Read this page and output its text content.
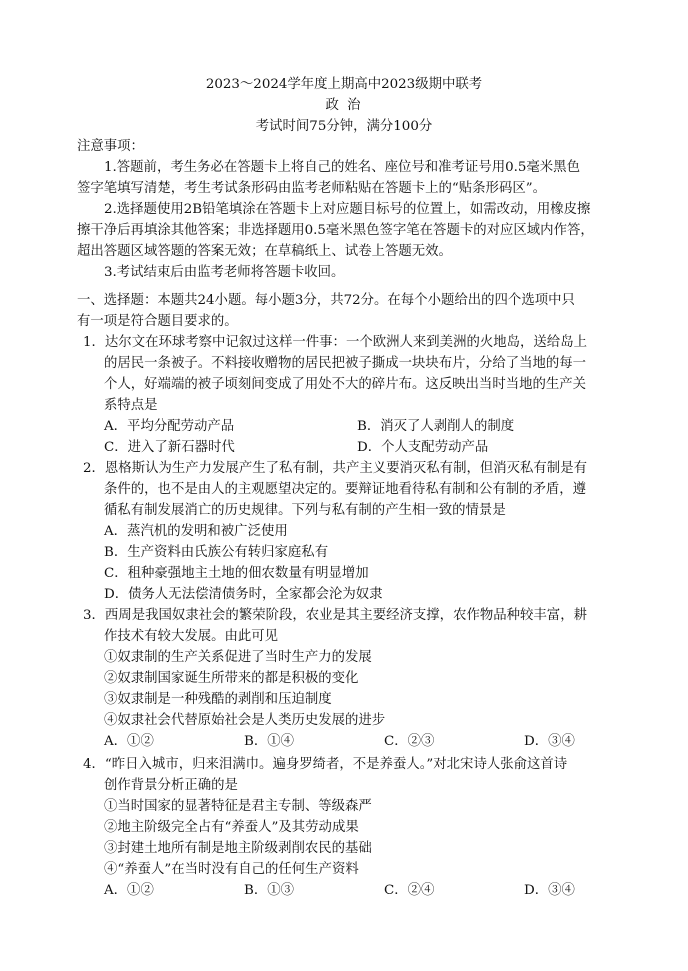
2023～2024学年度上期高中2023级期中联考
政 治
考试时间75分钟，满分100分
注意事项：
1.答题前，考生务必在答题卡上将自己的姓名、座位号和准考证号用0.5毫米黑色
签字笔填写清楚，考生考试条形码由监考老师粘贴在答题卡上的“贴条形码区”。
2.选择题使用2B铅笔填涂在答题卡上对应题目标号的位置上，如需改动，用橡皮擦
擦干净后再填涂其他答案；非选择题用0.5毫米黑色签字笔在答题卡的对应区域内作答，
超出答题区域答题的答案无效；在草稿纸上、试卷上答题无效。
3.考试结束后由监考老师将答题卡收回。
一、选择题：本题共24小题。每小题3分，共72分。在每个小题给出的四个选项中只
有一项是符合题目要求的。
1．达尔文在环球考察中记叙过这样一件事：一个欧洲人来到美洲的火地岛，送给岛上
的居民一条被子。不料接收赠物的居民把被子撕成一块块布片，分给了当地的每一
个人，好端端的被子顷刻间变成了用处不大的碎片布。这反映出当时当地的生产关
系特点是
A．平均分配劳动产品	B．消灭了人剥削人的制度
C．进入了新石器时代	D．个人支配劳动产品
2．恩格斯认为生产力发展产生了私有制，共产主义要消灭私有制，但消灭私有制是有
条件的，也不是由人的主观愿望决定的。要辩证地看待私有制和公有制的矛盾，遵
循私有制发展消亡的历史规律。下列与私有制的产生相一致的情景是
A．蒸汽机的发明和被广泛使用
B．生产资料由氏族公有转归家庭私有
C．租种豪强地主土地的佃农数量有明显增加
D．债务人无法偿清债务时，全家都会沦为奴隶
3．西周是我国奴隶社会的繁荣阶段，农业是其主要经济支撑，农作物品种较丰富，耕
作技术有较大发展。由此可见
①奴隶制的生产关系促进了当时生产力的发展
②奴隶制国家诞生所带来的都是积极的变化
③奴隶制是一种残酷的剥削和压迫制度
④奴隶社会代替原始社会是人类历史发展的进步
A．①②	B．①④	C．②③	D．③④
4．“昨日入城市，归来泪满巾。遍身罗绮者，不是养蚕人。”对北宋诗人张俞这首诗
创作背景分析正确的是
①当时国家的显著特征是君主专制、等级森严
②地主阶级完全占有“养蚕人”及其劳动成果
③封建土地所有制是地主阶级剥削农民的基础
④“养蚕人”在当时没有自己的任何生产资料
A．①②	B．①③	C．②④	D．③④
